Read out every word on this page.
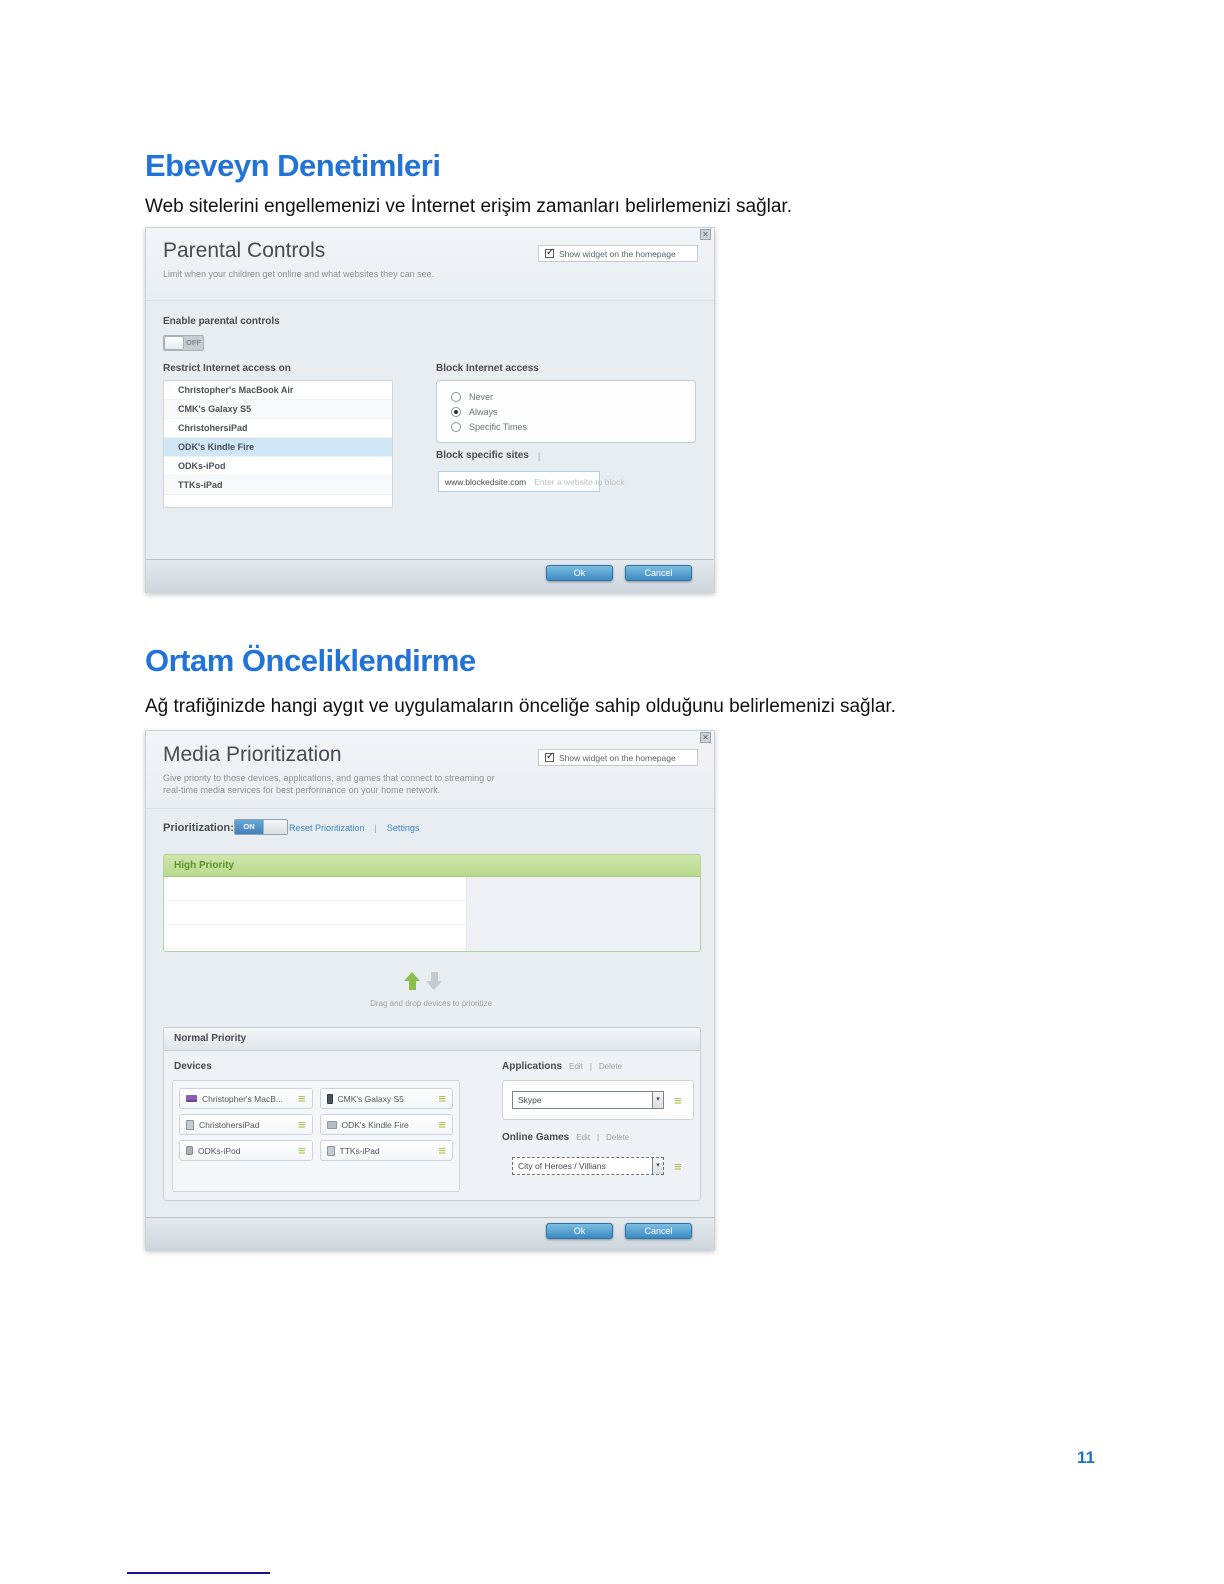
Ebeveyn Denetimleri
Web sitelerini engellemenizi ve İnternet erişim zamanları belirlemenizi sağlar.
✕
Parental Controls
Limit when your children get online and what websites they can see.
✓
Show widget on the homepage
Enable parental controls
OFF
Restrict Internet access on
Christopher's MacBook Air
CMK's Galaxy S5
ChristohersiPad
ODK's Kindle Fire
ODKs-iPod
TTKs-iPad
Block Internet access
Never
Always
Specific Times
Block specific sites |
www.blockedsite.com Enter a website to block
Ok	Cancel
Ortam Önceliklendirme
Ağ trafiğinizde hangi aygıt ve uygulamaların önceliğe sahip olduğunu belirlemenizi sağlar.
✕
Media Prioritization
Give priority to those devices, applications, and games that connect to streaming or real-time media services for best performance on your home network.
✓
Show widget on the homepage
Prioritization:	ON	Reset Prioritization | Settings
High Priority
Drag and drop devices to prioritize
Normal Priority
Devices
Christopher's MacB...	≡	CMK's Galaxy S5	≡
ChristohersiPad	≡	ODK's Kindle Fire	≡
ODKs-iPod	≡	TTKs-iPad	≡
Applications Edit | Delete
Skype	▾ ≡
Online Games Edit | Delete
City of Heroes / Villians	▾ ≡
Ok	Cancel
11
